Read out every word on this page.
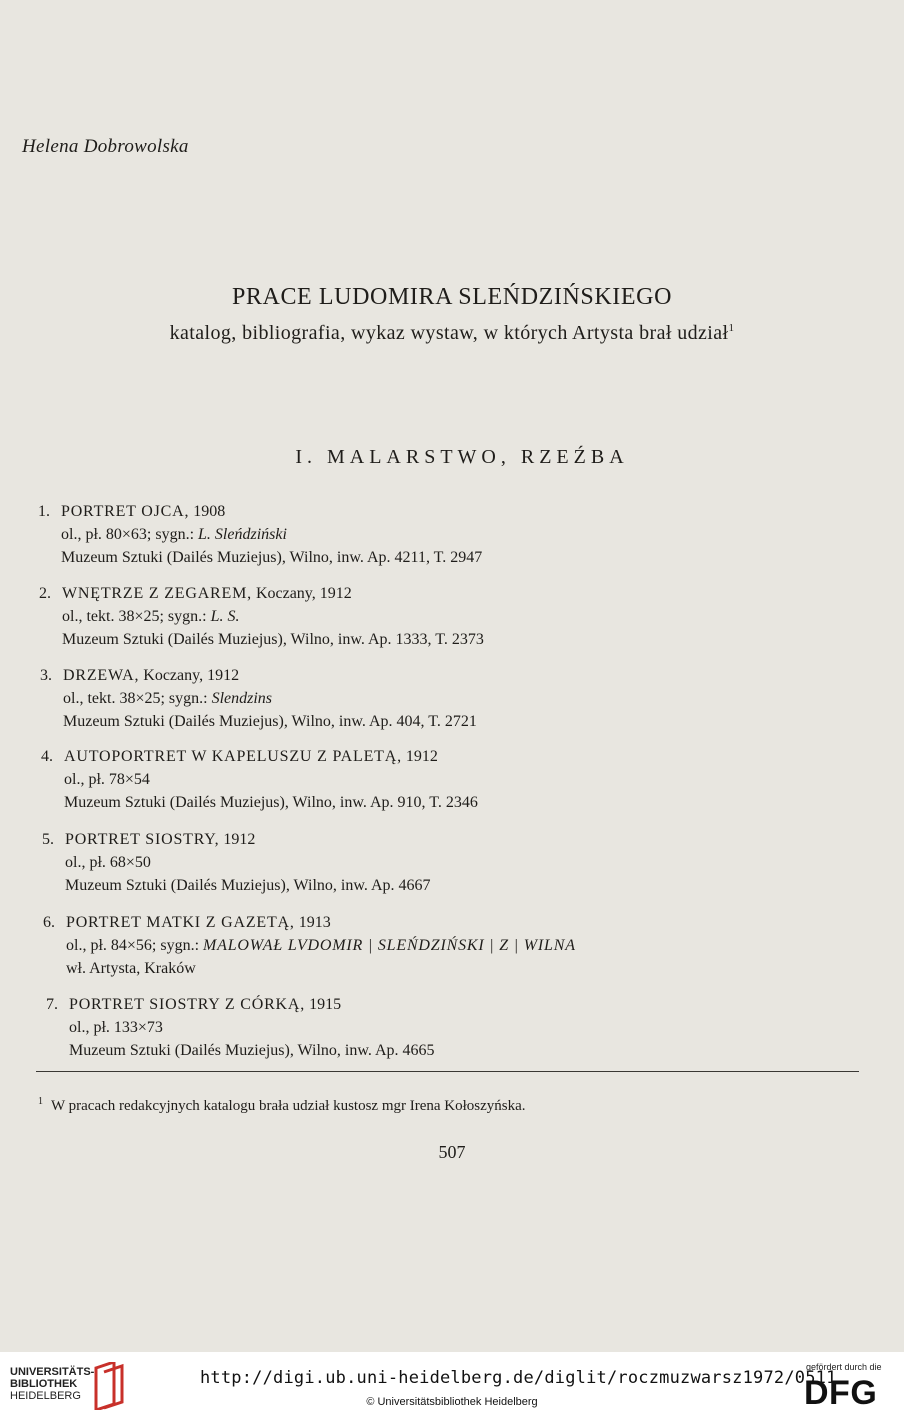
Helena Dobrowolska
PRACE LUDOMIRA SLEŃDZIŃSKIEGO
katalog, bibliografia, wykaz wystaw, w których Artysta brał udział$^1$
I. MALARSTWO, RZEŹBA
1. PORTRET OJCA, 1908
ol., pł. 80×63; sygn.: L. Sleńdziński
Muzeum Sztuki (Dailés Muziejus), Wilno, inw. Ap. 4211, T. 2947
2. WNĘTRZE Z ZEGAREM, Koczany, 1912
ol., tekt. 38×25; sygn.: L. S.
Muzeum Sztuki (Dailés Muziejus), Wilno, inw. Ap. 1333, T. 2373
3. DRZEWA, Koczany, 1912
ol., tekt. 38×25; sygn.: Slendzins
Muzeum Sztuki (Dailés Muziejus), Wilno, inw. Ap. 404, T. 2721
4. AUTOPORTRET W KAPELUSZU Z PALETĄ, 1912
ol., pł. 78×54
Muzeum Sztuki (Dailés Muziejus), Wilno, inw. Ap. 910, T. 2346
5. PORTRET SIOSTRY, 1912
ol., pł. 68×50
Muzeum Sztuki (Dailés Muziejus), Wilno, inw. Ap. 4667
6. PORTRET MATKI Z GAZETĄ, 1913
ol., pł. 84×56; sygn.: MALOWAŁ LVDOMIR | SLEŃDZIŃSKI | Z | WILNA
wł. Artysta, Kraków
7. PORTRET SIOSTRY Z CÓRKĄ, 1915
ol., pł. 133×73
Muzeum Sztuki (Dailés Muziejus), Wilno, inw. Ap. 4665
$^1$ W pracach redakcyjnych katalogu brała udział kustosz mgr Irena Kołoszyńska.
507
UNIVERSITÄTS-
BIBLIOTHEK
HEIDELBERG
http://digi.ub.uni-heidelberg.de/diglit/roczmuzwarsz1972/0511
© Universitätsbibliothek Heidelberg
gefördert durch die
DFG
